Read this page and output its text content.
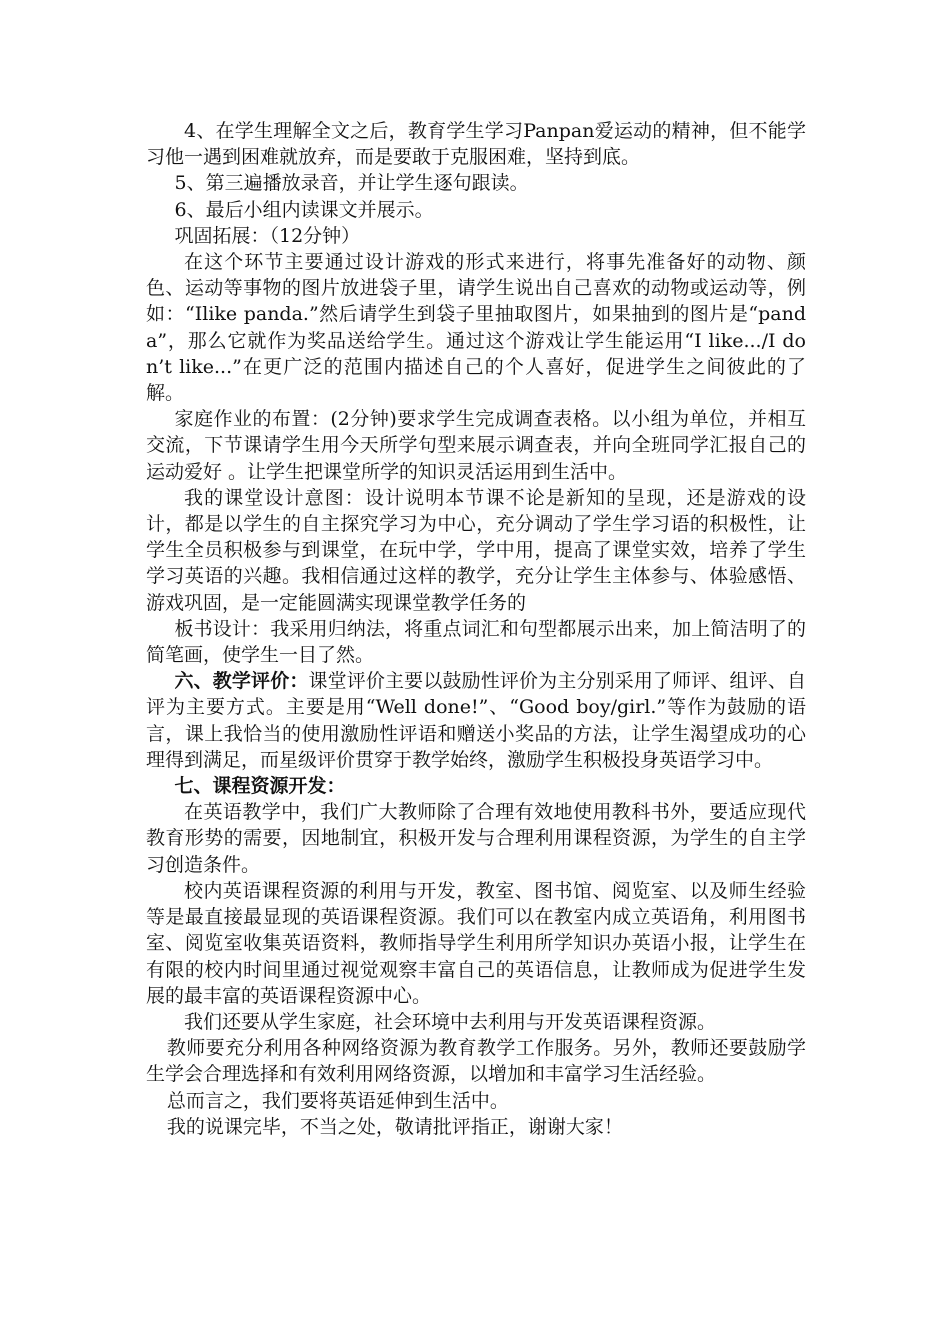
4、在学生理解全文之后，教育学生学习Panpan爱运动的精神，但不能学习他一遇到困难就放弃，而是要敢于克服困难，坚持到底。

5、第三遍播放录音，并让学生逐句跟读。

6、最后小组内读课文并展示。

巩固拓展：（12分钟）

在这个环节主要通过设计游戏的形式来进行，将事先准备好的动物、颜色、运动等事物的图片放进袋子里，请学生说出自己喜欢的动物或运动等，例如：“Ilike panda.”然后请学生到袋子里抽取图片，如果抽到的图片是“panda”，那么它就作为奖品送给学生。通过这个游戏让学生能运用“I like.../I don’t like...”在更广泛的范围内描述自己的个人喜好，促进学生之间彼此的了解。

家庭作业的布置：(2分钟)要求学生完成调查表格。以小组为单位，并相互交流，下节课请学生用今天所学句型来展示调查表，并向全班同学汇报自己的运动爱好 。让学生把课堂所学的知识灵活运用到生活中。

我的课堂设计意图：设计说明本节课不论是新知的呈现，还是游戏的设计，都是以学生的自主探究学习为中心，充分调动了学生学习语的积极性，让学生全员积极参与到课堂，在玩中学，学中用，提高了课堂实效，培养了学生学习英语的兴趣。我相信通过这样的教学，充分让学生主体参与、体验感悟、游戏巩固，是一定能圆满实现课堂教学任务的

板书设计：我采用归纳法，将重点词汇和句型都展示出来，加上简洁明了的简笔画，使学生一目了然。

六、教学评价：课堂评价主要以鼓励性评价为主分别采用了师评、组评、自评为主要方式。主要是用“Well done!”、“Good boy/girl.”等作为鼓励的语言，课上我恰当的使用激励性评语和赠送小奖品的方法，让学生渴望成功的心理得到满足，而星级评价贯穿于教学始终，激励学生积极投身英语学习中。

七、课程资源开发：

在英语教学中，我们广大教师除了合理有效地使用教科书外，要适应现代教育形势的需要，因地制宜，积极开发与合理利用课程资源，为学生的自主学习创造条件。

校内英语课程资源的利用与开发，教室、图书馆、阅览室、以及师生经验等是最直接最显现的英语课程资源。我们可以在教室内成立英语角，利用图书室、阅览室收集英语资料，教师指导学生利用所学知识办英语小报，让学生在有限的校内时间里通过视觉观察丰富自己的英语信息，让教师成为促进学生发展的最丰富的英语课程资源中心。

我们还要从学生家庭，社会环境中去利用与开发英语课程资源。

教师要充分利用各种网络资源为教育教学工作服务。另外，教师还要鼓励学生学会合理选择和有效利用网络资源，以增加和丰富学习生活经验。

总而言之，我们要将英语延伸到生活中。

我的说课完毕，不当之处，敬请批评指正，谢谢大家！
